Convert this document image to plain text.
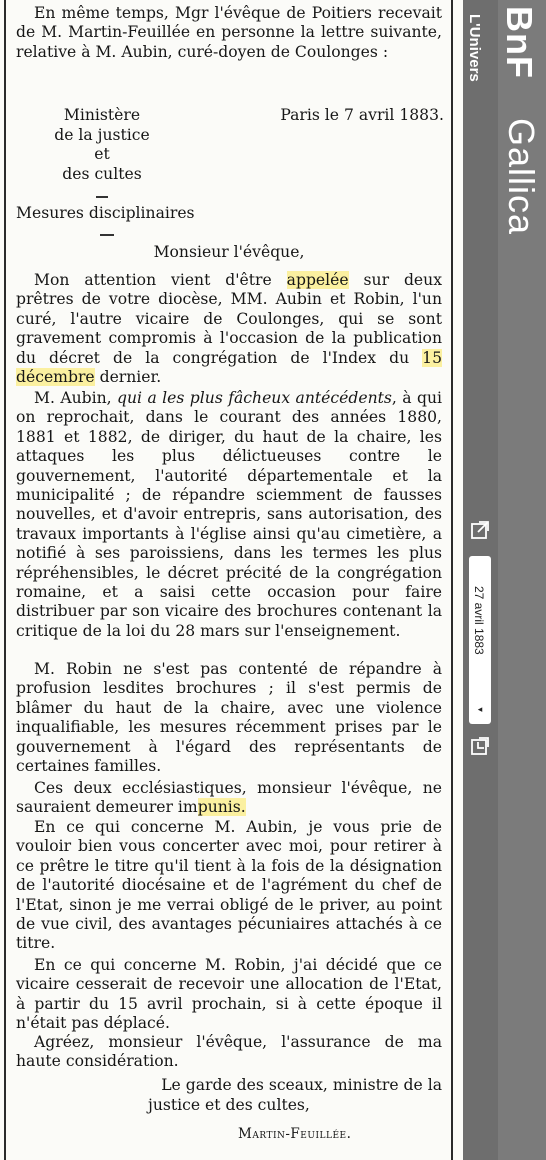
En même temps, Mgr l'évêque de Poitiers recevait de M. Martin-Feuillée en personne la lettre suivante, relative à M. Aubin, curé-doyen de Coulonges :

Ministère
de la justice
et
des cultes
Paris le 7 avril 1883.
Mesures disciplinaires
Monsieur l'évêque,

Mon attention vient d'être appelée sur deux prêtres de votre diocèse, MM. Aubin et Robin, l'un curé, l'autre vicaire de Coulonges, qui se sont gravement compromis à l'occasion de la publication du décret de la congrégation de l'Index du 15 décembre dernier.

M. Aubin, qui a les plus fâcheux antécédents, à qui on reprochait, dans le courant des années 1880, 1881 et 1882, de diriger, du haut de la chaire, les attaques les plus délictueuses contre le gouvernement, l'autorité départementale et la municipalité ; de répandre sciemment de fausses nouvelles, et d'avoir entrepris, sans autorisation, des travaux importants à l'église ainsi qu'au cimetière, a notifié à ses paroissiens, dans les termes les plus répréhensibles, le décret précité de la congrégation romaine, et a saisi cette occasion pour faire distribuer par son vicaire des brochures contenant la critique de la loi du 28 mars sur l'enseignement.

M. Robin ne s'est pas contenté de répandre à profusion lesdites brochures ; il s'est permis de blâmer du haut de la chaire, avec une violence inqualifiable, les mesures récemment prises par le gouvernement à l'égard des représentants de certaines familles.

Ces deux ecclésiastiques, monsieur l'évêque, ne sauraient demeurer impunis.

En ce qui concerne M. Aubin, je vous prie de vouloir bien vous concerter avec moi, pour retirer à ce prêtre le titre qu'il tient à la fois de la désignation de l'autorité diocésaine et de l'agrément du chef de l'Etat, sinon je me verrai obligé de le priver, au point de vue civil, des avantages pécuniaires attachés à ce titre.

En ce qui concerne M. Robin, j'ai décidé que ce vicaire cesserait de recevoir une allocation de l'Etat, à partir du 15 avril prochain, si à cette époque il n'était pas déplacé.

Agréez, monsieur l'évêque, l'assurance de ma haute considération.

Le garde des sceaux, ministre de la
justice et des cultes,
Martin-Feuillée.
L'Univers BnF
Gallica
27 avril 1883
◂
